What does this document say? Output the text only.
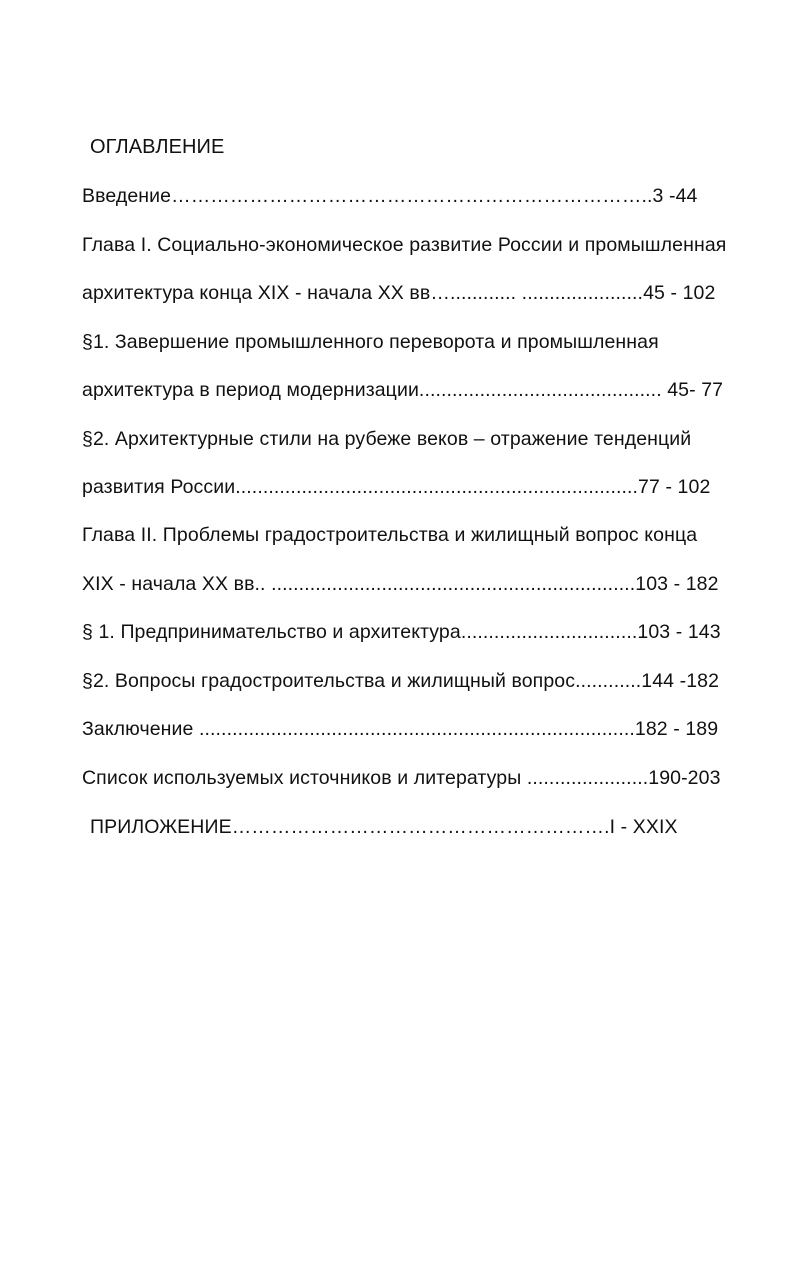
ОГЛАВЛЕНИЕ
Введение………………………………………………………………..3 -44
Глава I. Социально-экономическое развитие России и промышленная
архитектура конца XIX - начала XX вв…............ ......................45 - 102
§1. Завершение промышленного переворота и промышленная
архитектура в период модернизации............................................ 45- 77
§2. Архитектурные стили на рубеже веков – отражение тенденций
развития России.........................................................................77 - 102
Глава II. Проблемы градостроительства и жилищный вопрос конца
XIX - начала XX вв.. ..................................................................103 - 182
§ 1. Предпринимательство и архитектура................................103 - 143
§2. Вопросы градостроительства и жилищный вопрос............144 -182
Заключение ...............................................................................182 - 189
Список используемых источников и литературы ......................190-203
ПРИЛОЖЕНИЕ………………………………………………….I - XXIX
